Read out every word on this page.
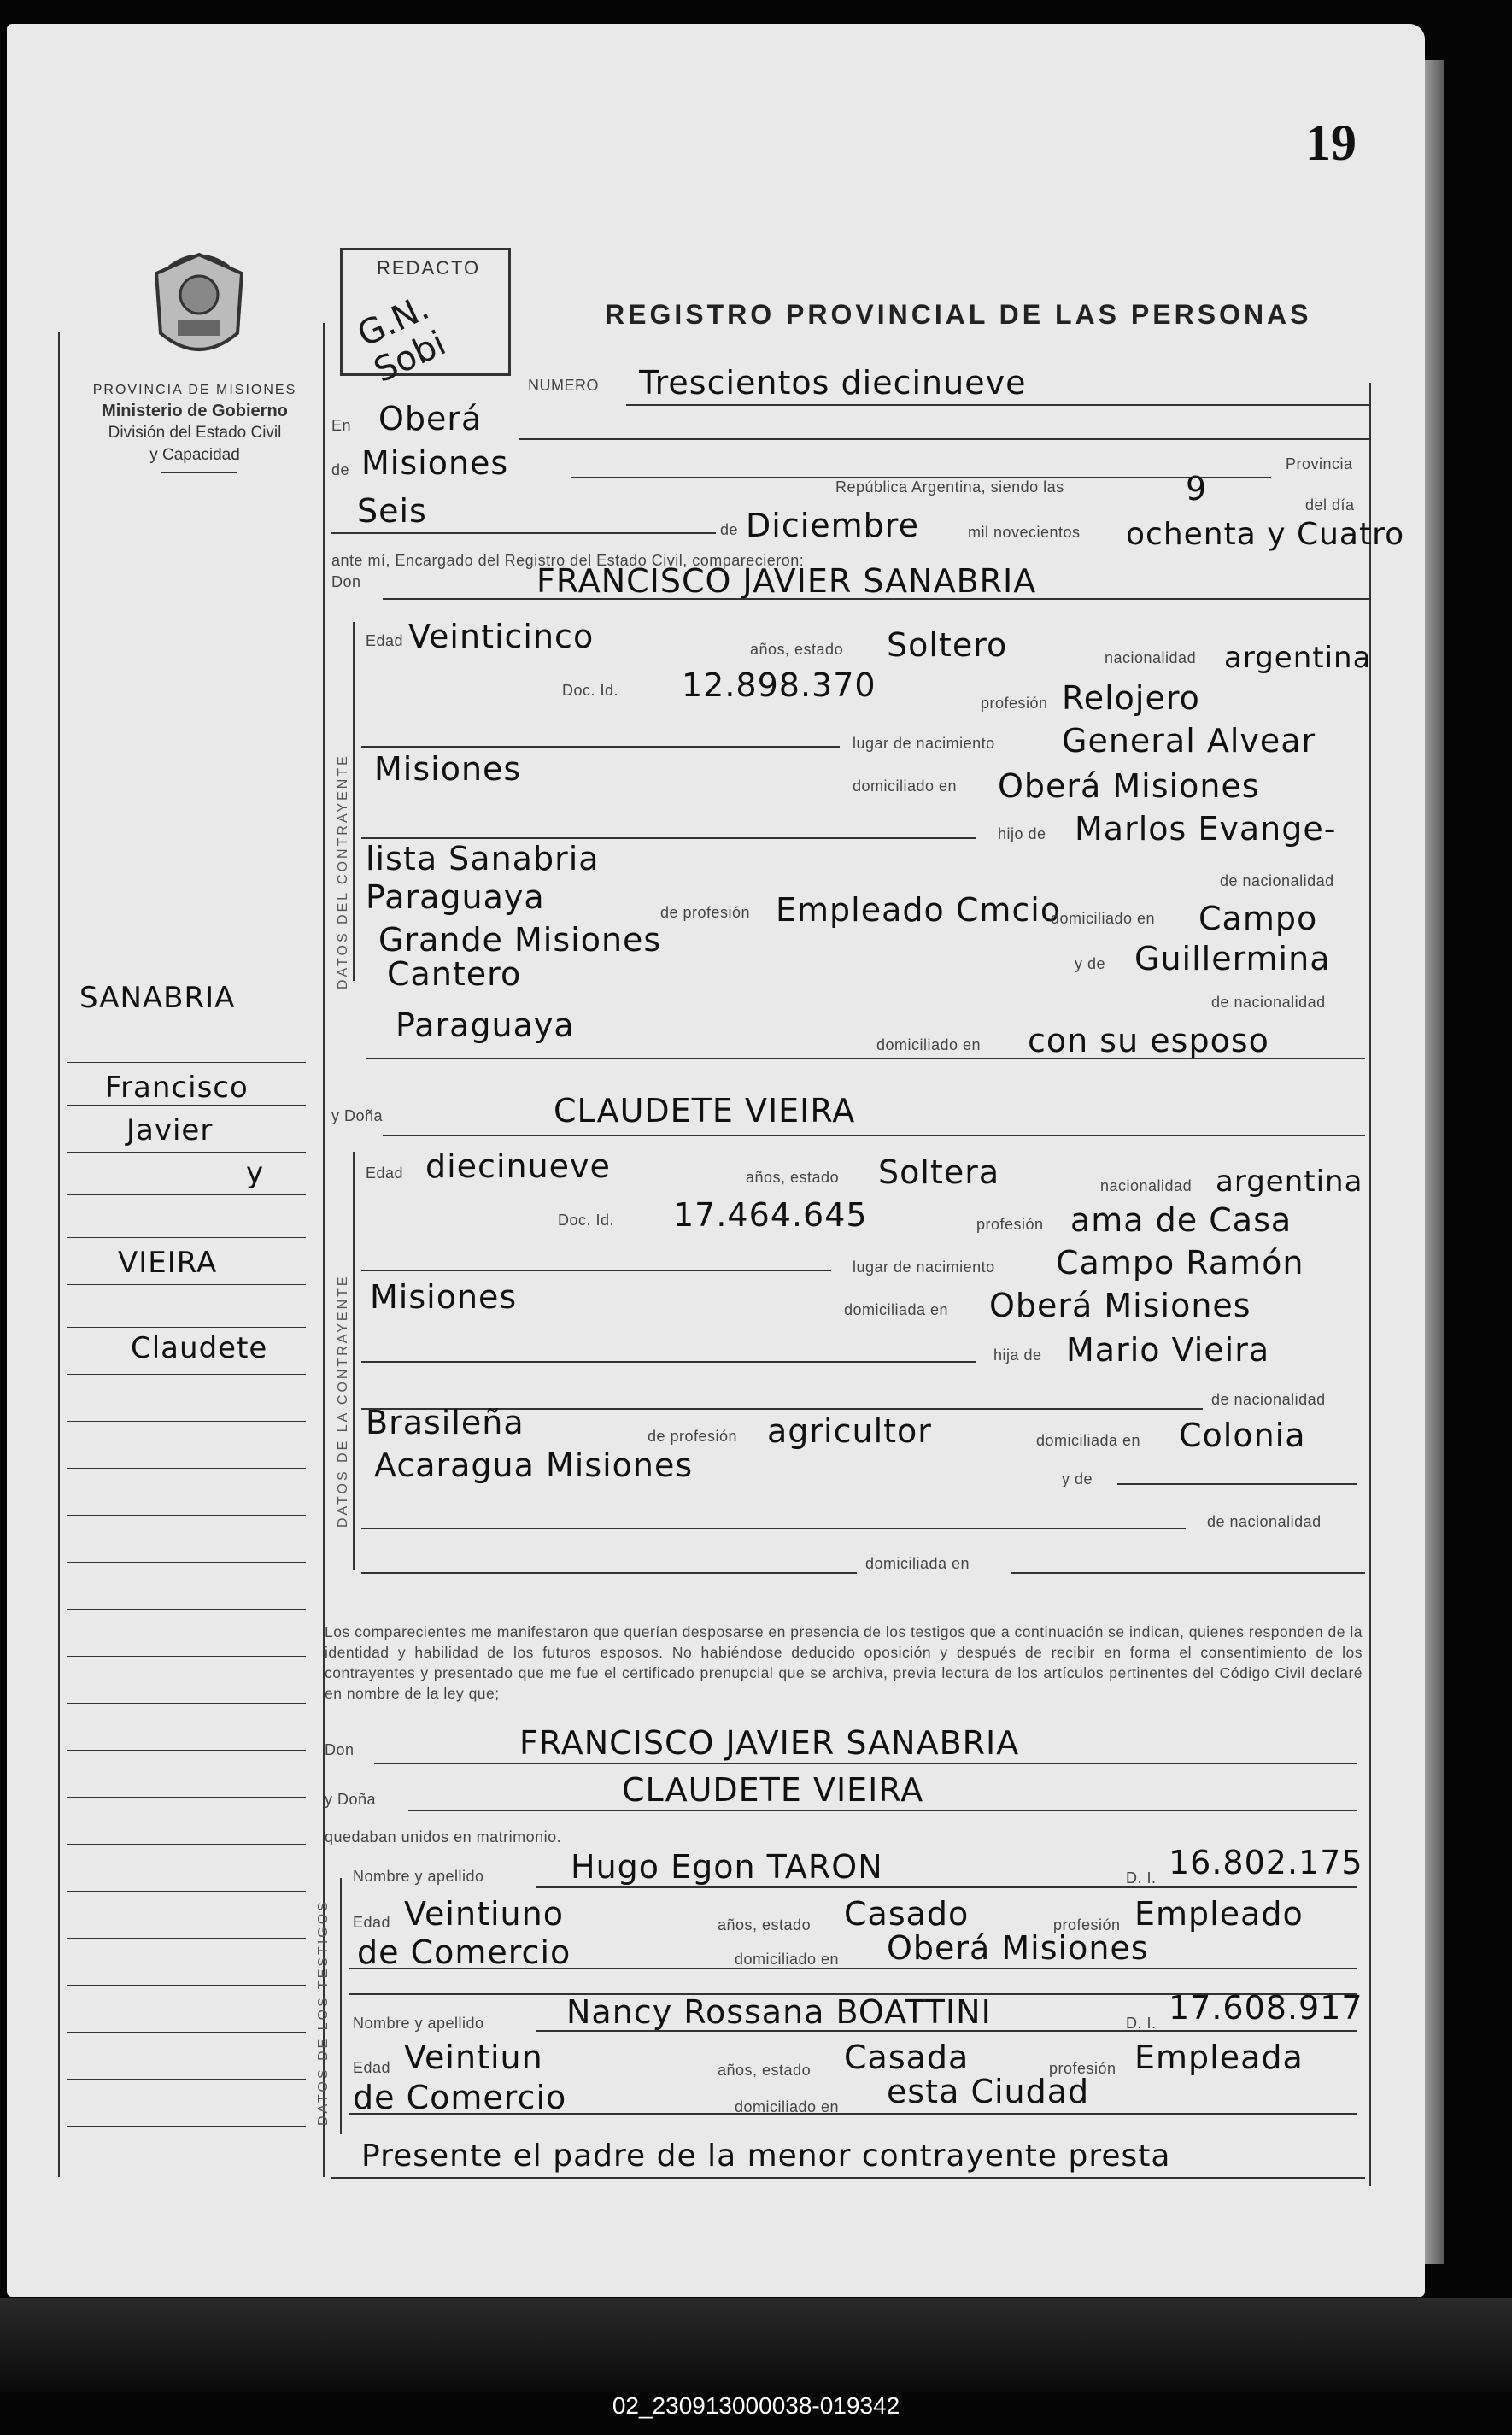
19
PROVINCIA DE MISIONES
Ministerio de Gobierno
División del Estado Civil
y Capacidad
REDACTO
G.N. Sobi
REGISTRO PROVINCIAL DE LAS PERSONAS
SANABRIA
Francisco
Javier
y
VIEIRA
Claudete
NUMERO Trescientos diecinueve
En Oberá
de Misiones	Provincia
República Argentina, siendo las	9	del día
Seis	de Diciembre	mil novecientos ochenta y Cuatro
ante mí, Encargado del Registro del Estado Civil, comparecieron:
Don	FRANCISCO JAVIER SANABRIA
DATOS DEL CONTRAYENTE
Edad Veinticinco	años, estado Soltero	nacionalidad argentina
Doc. Id. 12.898.370	profesión Relojero
lugar de nacimiento General Alvear
Misiones	domiciliado en Oberá Misiones
hijo de Marlos Evange-
lista Sanabria
de nacionalidad
Paraguaya	de profesión Empleado Cmcio
domiciliado en Campo
Grande Misiones
y de Guillermina
Cantero
de nacionalidad
Paraguaya
domiciliado en con su esposo
y Doña	CLAUDETE VIEIRA
DATOS DE LA CONTRAYENTE
Edad diecinueve	años, estado Soltera	nacionalidad argentina
Doc. Id. 17.464.645	profesión ama de Casa
lugar de nacimiento Campo Ramón
Misiones	domiciliada en Oberá Misiones
hija de Mario Vieira
de nacionalidad
Brasileña	de profesión agricultor	domiciliada en Colonia
Acaragua Misiones	y de
de nacionalidad
domiciliada en
Los comparecientes me manifestaron que querían desposarse en presencia de los testigos que a continuación se indican, quienes responden de la identidad y habilidad de los futuros esposos. No habiéndose deducido oposición y después de recibir en forma el consentimiento de los contrayentes y presentado que me fue el certificado prenupcial que se archiva, previa lectura de los artículos pertinentes del Código Civil declaré en nombre de la ley que;
Don	FRANCISCO JAVIER SANABRIA
y Doña	CLAUDETE VIEIRA
quedaban unidos en matrimonio.
DATOS DE LOS TESTIGOS
Nombre y apellido	Hugo Egon TARON	D. I. 16.802.175
Edad Veintiuno	años, estado Casado	profesión Empleado
de Comercio	domiciliado en Oberá Misiones
Nombre y apellido	Nancy Rossana BOATTINI	D. I. 17.608.917
Edad Veintiun	años, estado Casada	profesión Empleada
de Comercio	domiciliado en esta Ciudad
Presente el padre de la menor contrayente presta
02_230913000038-019342
